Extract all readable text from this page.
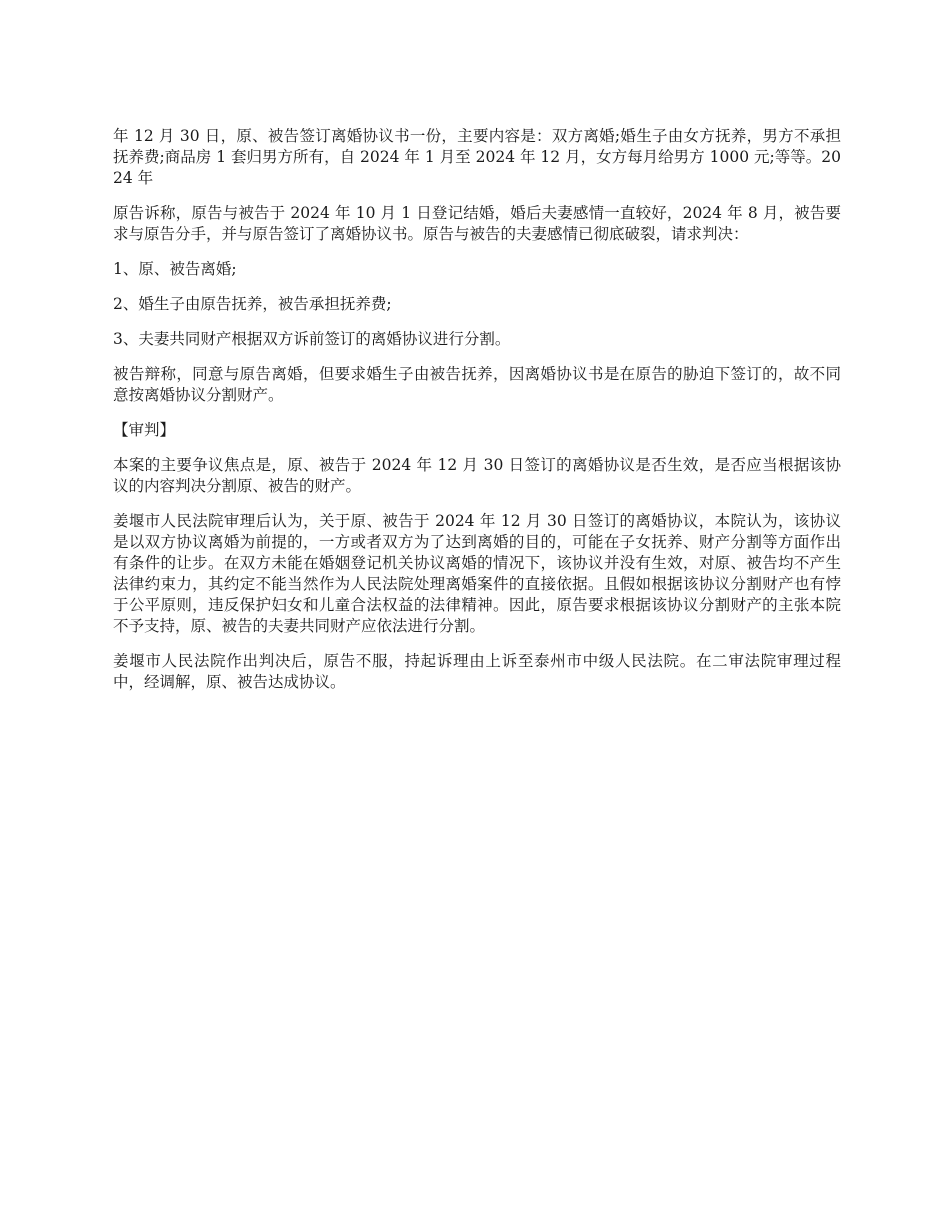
年 12 月 30 日，原、被告签订离婚协议书一份，主要内容是：双方离婚;婚生子由女方抚养，男方不承担抚养费;商品房 1 套归男方所有，自 2024 年 1 月至 2024 年 12 月，女方每月给男方 1000 元;等等。2024 年

原告诉称，原告与被告于 2024 年 10 月 1 日登记结婚，婚后夫妻感情一直较好，2024 年 8 月，被告要求与原告分手，并与原告签订了离婚协议书。原告与被告的夫妻感情已彻底破裂，请求判决：

1、原、被告离婚;

2、婚生子由原告抚养，被告承担抚养费;

3、夫妻共同财产根据双方诉前签订的离婚协议进行分割。

被告辩称，同意与原告离婚，但要求婚生子由被告抚养，因离婚协议书是在原告的胁迫下签订的，故不同意按离婚协议分割财产。

【审判】

本案的主要争议焦点是，原、被告于 2024 年 12 月 30 日签订的离婚协议是否生效，是否应当根据该协议的内容判决分割原、被告的财产。

姜堰市人民法院审理后认为，关于原、被告于 2024 年 12 月 30 日签订的离婚协议，本院认为，该协议是以双方协议离婚为前提的，一方或者双方为了达到离婚的目的，可能在子女抚养、财产分割等方面作出有条件的让步。在双方未能在婚姻登记机关协议离婚的情况下，该协议并没有生效，对原、被告均不产生法律约束力，其约定不能当然作为人民法院处理离婚案件的直接依据。且假如根据该协议分割财产也有悖于公平原则，违反保护妇女和儿童合法权益的法律精神。因此，原告要求根据该协议分割财产的主张本院不予支持，原、被告的夫妻共同财产应依法进行分割。

姜堰市人民法院作出判决后，原告不服，持起诉理由上诉至泰州市中级人民法院。在二审法院审理过程中，经调解，原、被告达成协议。
